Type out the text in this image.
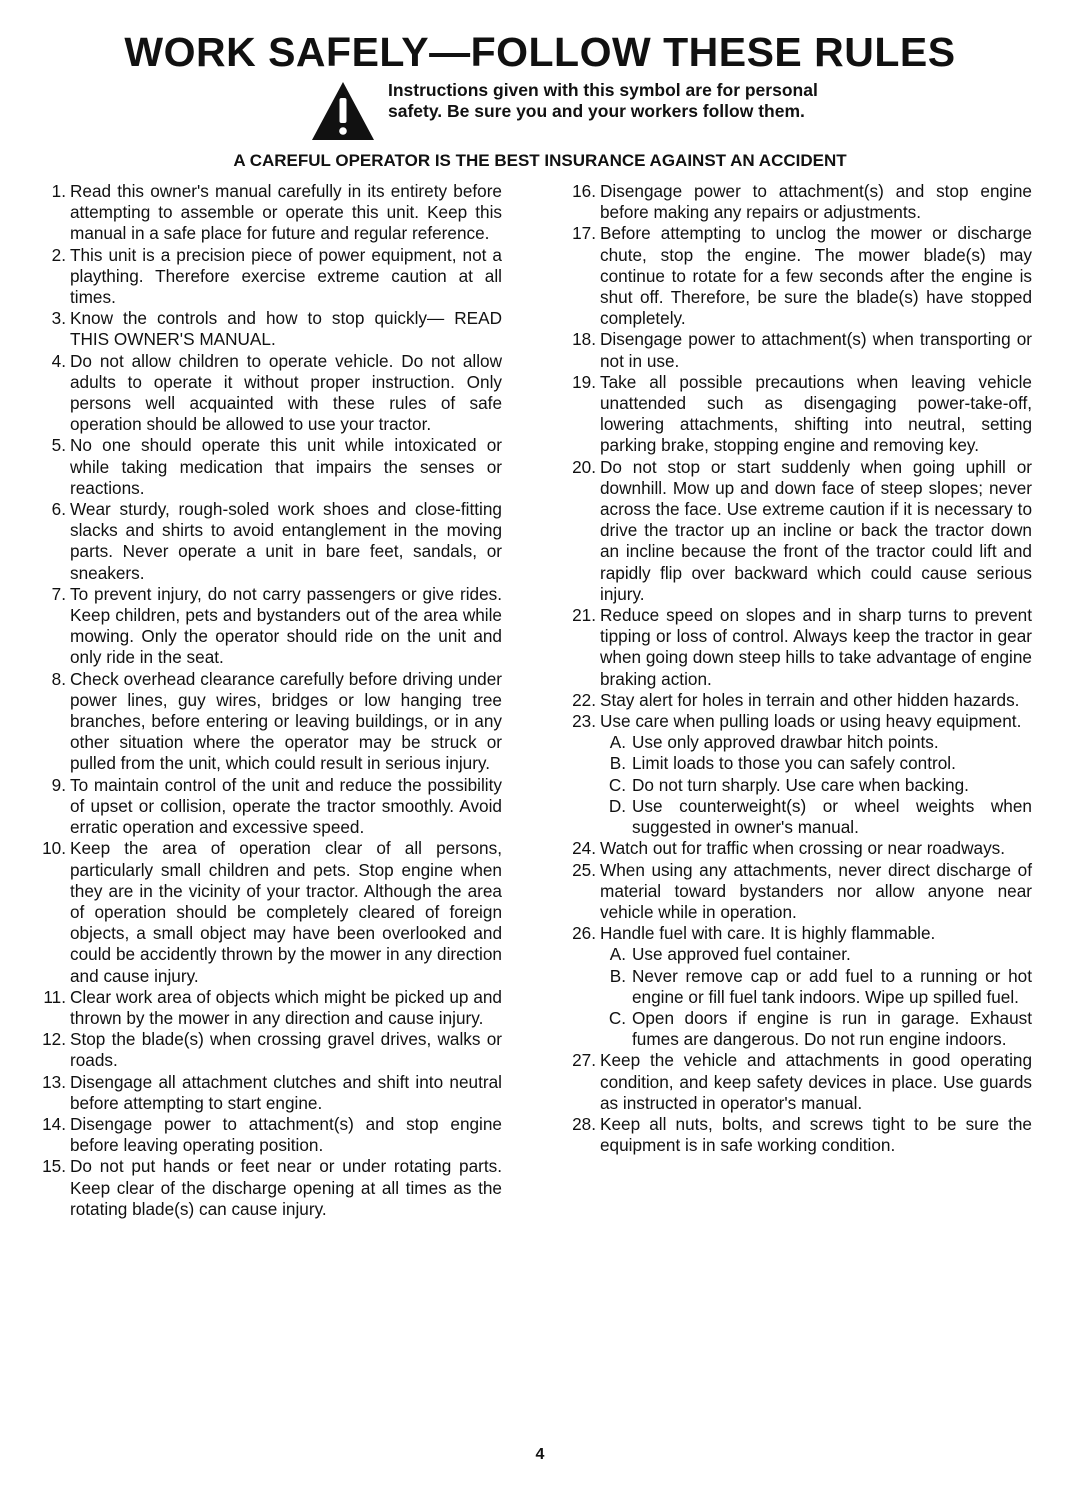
WORK SAFELY—FOLLOW THESE RULES
Instructions given with this symbol are for personal safety. Be sure you and your workers follow them.
A CAREFUL OPERATOR IS THE BEST INSURANCE AGAINST AN ACCIDENT
1. Read this owner's manual carefully in its entirety before attempting to assemble or operate this unit. Keep this manual in a safe place for future and regular reference.
2. This unit is a precision piece of power equipment, not a plaything. Therefore exercise extreme caution at all times.
3. Know the controls and how to stop quickly— READ THIS OWNER'S MANUAL.
4. Do not allow children to operate vehicle. Do not allow adults to operate it without proper instruction. Only persons well acquainted with these rules of safe operation should be allowed to use your tractor.
5. No one should operate this unit while intoxicated or while taking medication that impairs the senses or reactions.
6. Wear sturdy, rough-soled work shoes and close-fitting slacks and shirts to avoid entanglement in the moving parts. Never operate a unit in bare feet, sandals, or sneakers.
7. To prevent injury, do not carry passengers or give rides. Keep children, pets and bystanders out of the area while mowing. Only the operator should ride on the unit and only ride in the seat.
8. Check overhead clearance carefully before driving under power lines, guy wires, bridges or low hanging tree branches, before entering or leaving buildings, or in any other situation where the operator may be struck or pulled from the unit, which could result in serious injury.
9. To maintain control of the unit and reduce the possibility of upset or collision, operate the tractor smoothly. Avoid erratic operation and excessive speed.
10. Keep the area of operation clear of all persons, particularly small children and pets. Stop engine when they are in the vicinity of your tractor. Although the area of operation should be completely cleared of foreign objects, a small object may have been overlooked and could be accidently thrown by the mower in any direction and cause injury.
11. Clear work area of objects which might be picked up and thrown by the mower in any direction and cause injury.
12. Stop the blade(s) when crossing gravel drives, walks or roads.
13. Disengage all attachment clutches and shift into neutral before attempting to start engine.
14. Disengage power to attachment(s) and stop engine before leaving operating position.
15. Do not put hands or feet near or under rotating parts. Keep clear of the discharge opening at all times as the rotating blade(s) can cause injury.
16. Disengage power to attachment(s) and stop engine before making any repairs or adjustments.
17. Before attempting to unclog the mower or discharge chute, stop the engine. The mower blade(s) may continue to rotate for a few seconds after the engine is shut off. Therefore, be sure the blade(s) have stopped completely.
18. Disengage power to attachment(s) when transporting or not in use.
19. Take all possible precautions when leaving vehicle unattended such as disengaging power-take-off, lowering attachments, shifting into neutral, setting parking brake, stopping engine and removing key.
20. Do not stop or start suddenly when going uphill or downhill. Mow up and down face of steep slopes; never across the face. Use extreme caution if it is necessary to drive the tractor up an incline or back the tractor down an incline because the front of the tractor could lift and rapidly flip over backward which could cause serious injury.
21. Reduce speed on slopes and in sharp turns to prevent tipping or loss of control. Always keep the tractor in gear when going down steep hills to take advantage of engine braking action.
22. Stay alert for holes in terrain and other hidden hazards.
23. Use care when pulling loads or using heavy equipment.
A. Use only approved drawbar hitch points.
B. Limit loads to those you can safely control.
C. Do not turn sharply. Use care when backing.
D. Use counterweight(s) or wheel weights when suggested in owner's manual.
24. Watch out for traffic when crossing or near roadways.
25. When using any attachments, never direct discharge of material toward bystanders nor allow anyone near vehicle while in operation.
26. Handle fuel with care. It is highly flammable.
A. Use approved fuel container.
B. Never remove cap or add fuel to a running or hot engine or fill fuel tank indoors. Wipe up spilled fuel.
C. Open doors if engine is run in garage. Exhaust fumes are dangerous. Do not run engine indoors.
27. Keep the vehicle and attachments in good operating condition, and keep safety devices in place. Use guards as instructed in operator's manual.
28. Keep all nuts, bolts, and screws tight to be sure the equipment is in safe working condition.
4
